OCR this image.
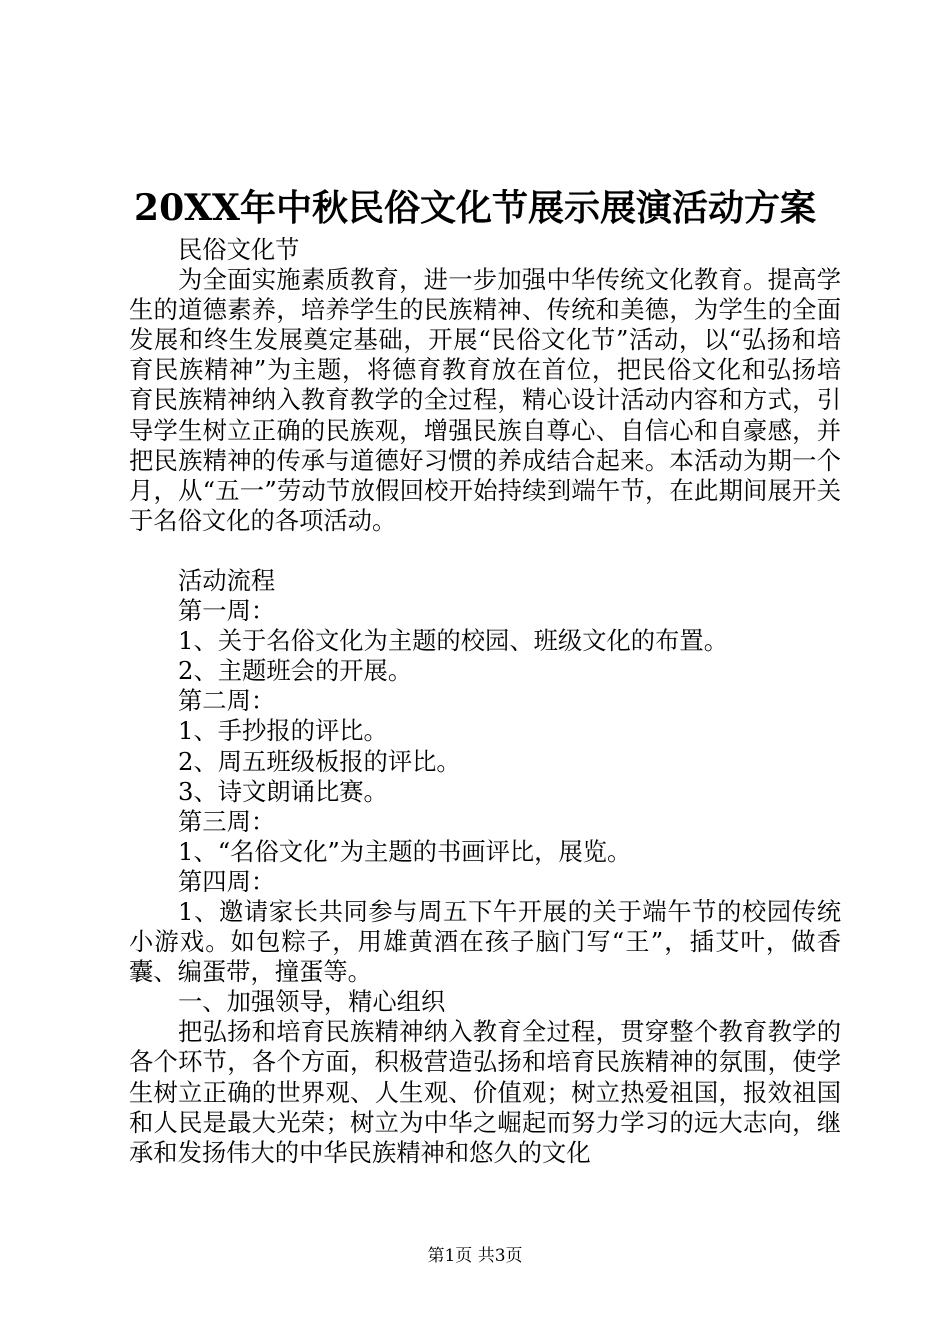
20XX年中秋民俗文化节展示展演活动方案

民俗文化节

为全面实施素质教育，进一步加强中华传统文化教育。提高学生的道德素养，培养学生的民族精神、传统和美德，为学生的全面发展和终生发展奠定基础，开展“民俗文化节”活动，以“弘扬和培育民族精神”为主题，将德育教育放在首位，把民俗文化和弘扬培育民族精神纳入教育教学的全过程，精心设计活动内容和方式，引导学生树立正确的民族观，增强民族自尊心、自信心和自豪感，并把民族精神的传承与道德好习惯的养成结合起来。本活动为期一个月，从“五一”劳动节放假回校开始持续到端午节，在此期间展开关于名俗文化的各项活动。

活动流程

第一周：

1、关于名俗文化为主题的校园、班级文化的布置。

2、主题班会的开展。

第二周：

1、手抄报的评比。

2、周五班级板报的评比。

3、诗文朗诵比赛。

第三周：

1、“名俗文化”为主题的书画评比，展览。

第四周：

1、邀请家长共同参与周五下午开展的关于端午节的校园传统小游戏。如包粽子，用雄黄酒在孩子脑门写“王”，插艾叶，做香囊、编蛋带，撞蛋等。

一、加强领导，精心组织

把弘扬和培育民族精神纳入教育全过程，贯穿整个教育教学的各个环节，各个方面，积极营造弘扬和培育民族精神的氛围，使学生树立正确的世界观、人生观、价值观；树立热爱祖国，报效祖国和人民是最大光荣；树立为中华之崛起而努力学习的远大志向，继承和发扬伟大的中华民族精神和悠久的文化

第1页 共3页
